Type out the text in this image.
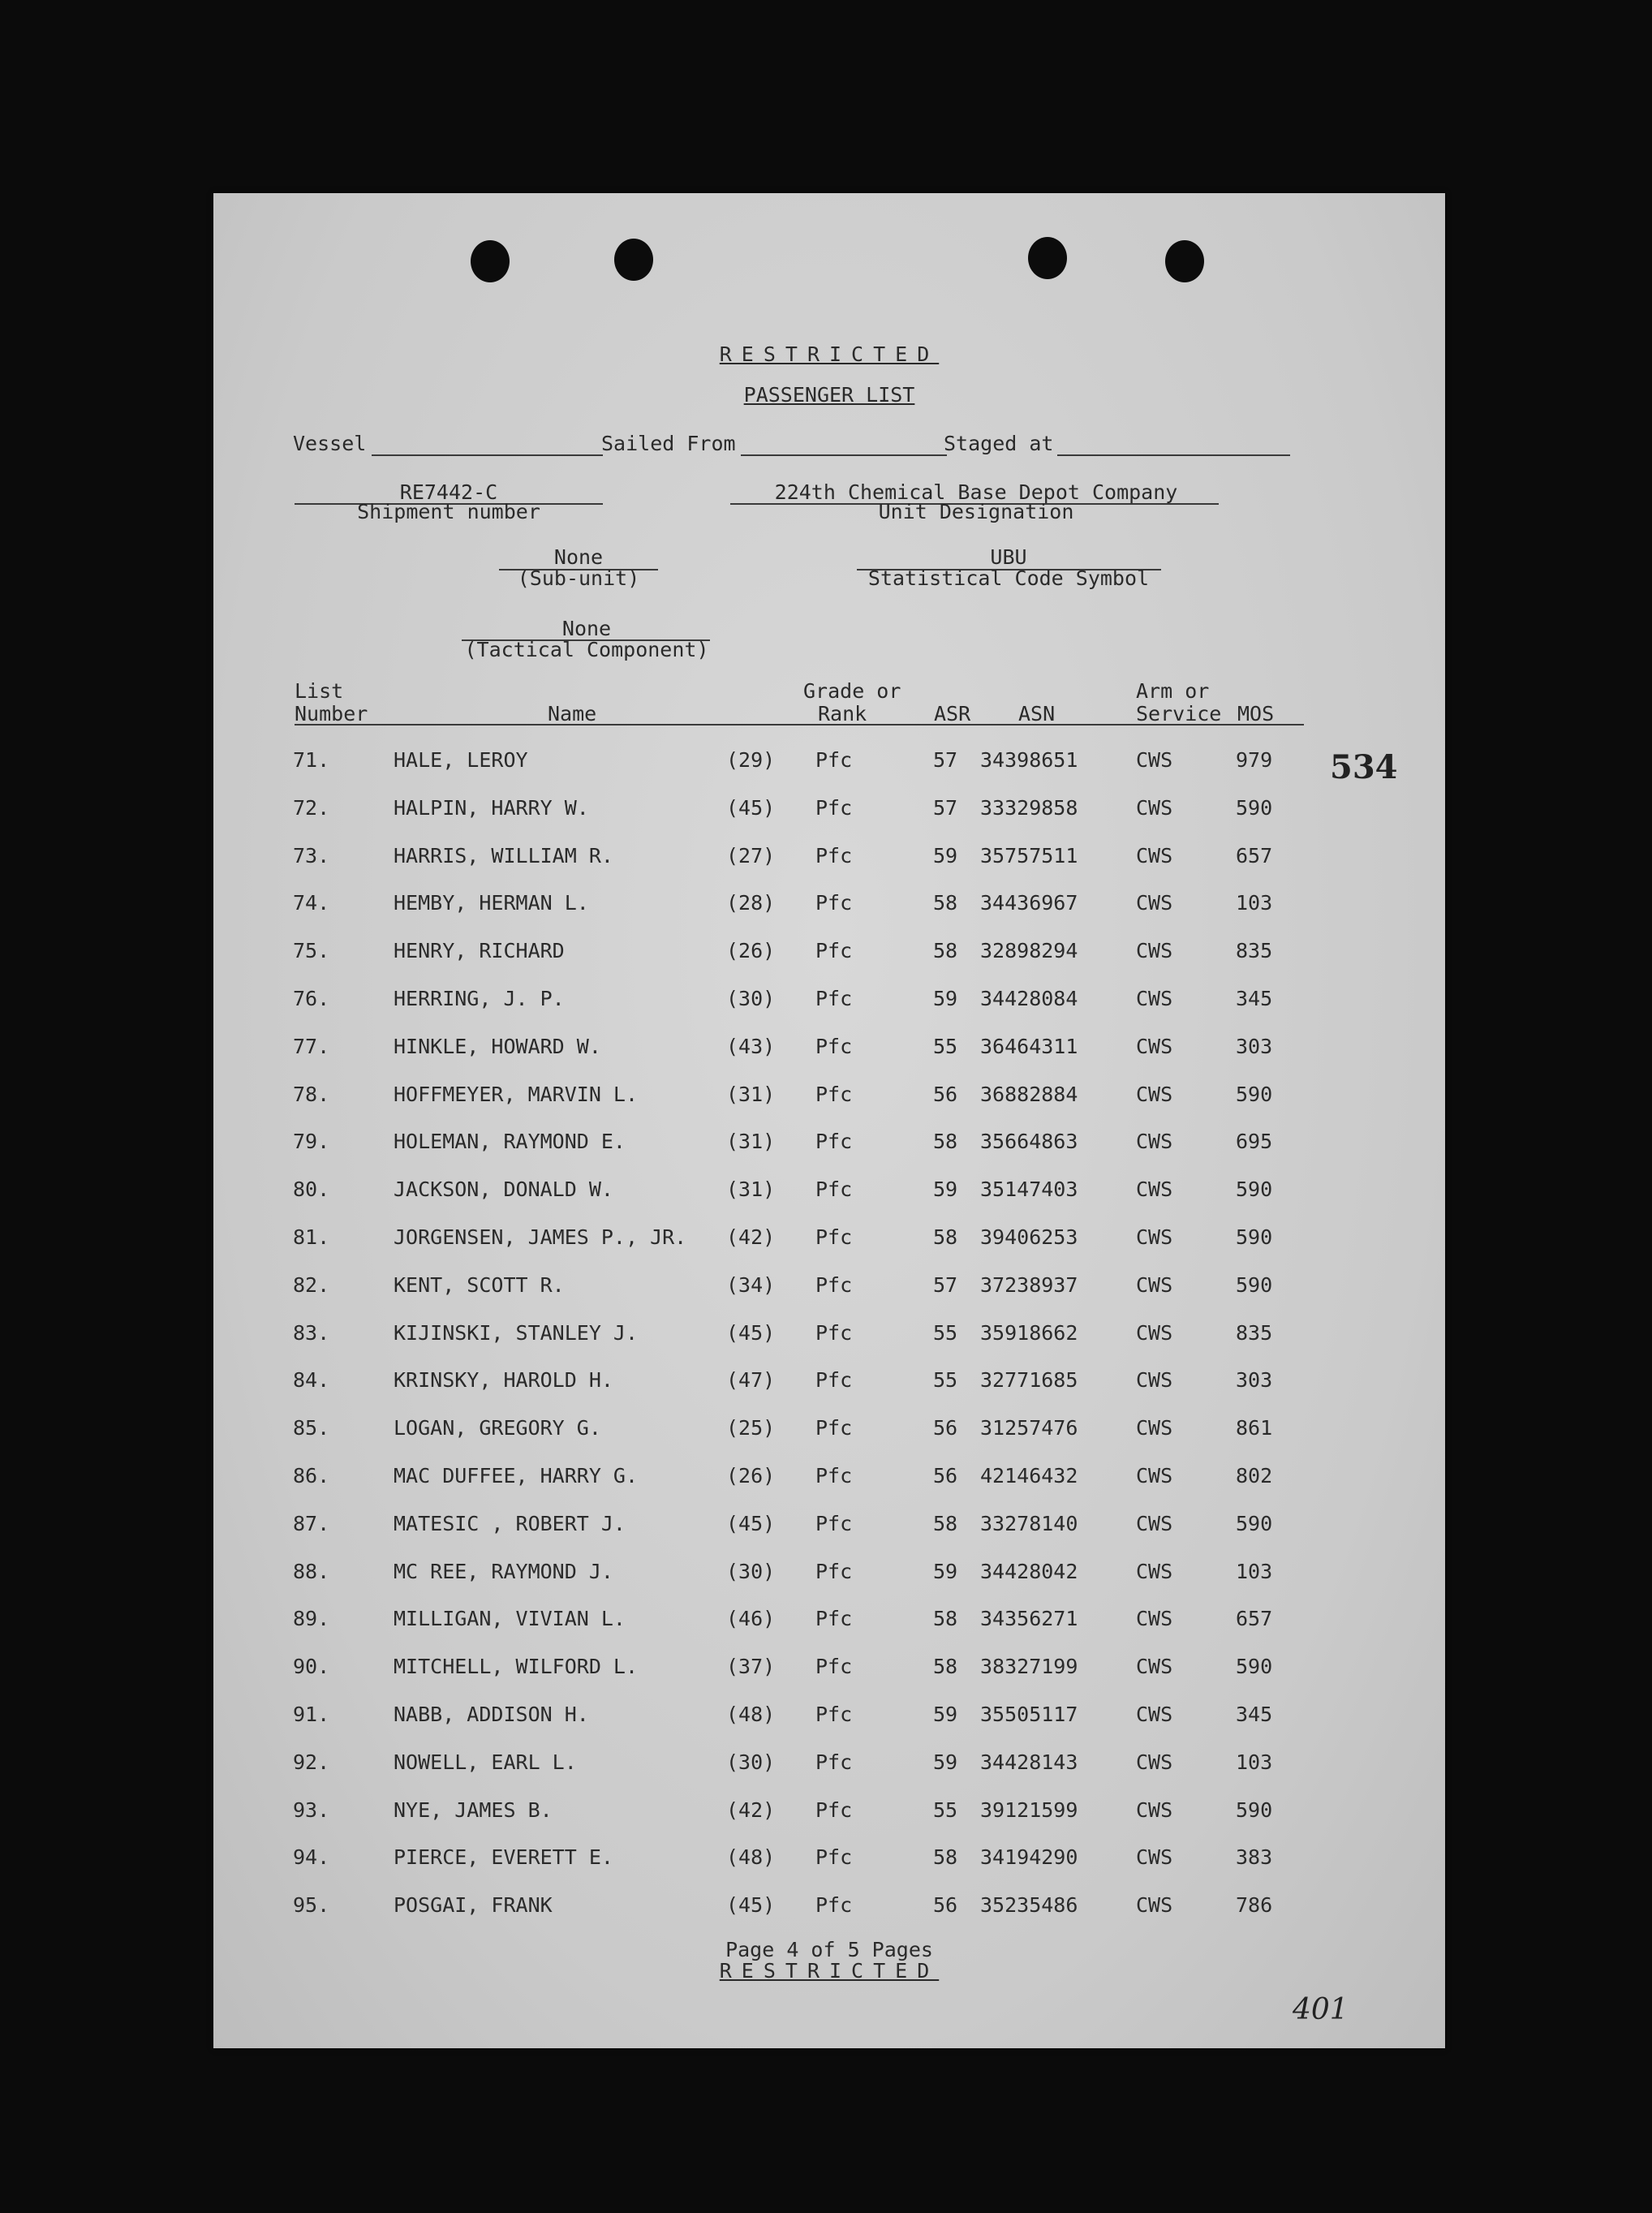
RESTRICTED
PASSENGER LIST
Vessel	Sailed From	Staged at
RE7442-C
Shipment number
224th Chemical Base Depot Company
Unit Designation
None
(Sub-unit)
UBU
Statistical Code Symbol
None
(Tactical Component)
List
Number	Name
Grade or
Rank	ASR ASN
Arm or
Service MOS
71.	HALE, LEROY	(29) Pfc	57 34398651	CWS	979
72.	HALPIN, HARRY W.	(45) Pfc	57 33329858	CWS	590
73.	HARRIS, WILLIAM R.	(27) Pfc	59 35757511	CWS	657
74.	HEMBY, HERMAN L.	(28) Pfc	58 34436967	CWS	103
75.	HENRY, RICHARD	(26) Pfc	58 32898294	CWS	835
76.	HERRING, J. P.	(30) Pfc	59 34428084	CWS	345
77.	HINKLE, HOWARD W.	(43) Pfc	55 36464311	CWS	303
78.	HOFFMEYER, MARVIN L.	(31) Pfc	56 36882884	CWS	590
79.	HOLEMAN, RAYMOND E.	(31) Pfc	58 35664863	CWS	695
80.	JACKSON, DONALD W.	(31) Pfc	59 35147403	CWS	590
81.	JORGENSEN, JAMES P., JR. (42) Pfc	58 39406253	CWS	590
82.	KENT, SCOTT R.	(34) Pfc	57 37238937	CWS	590
83.	KIJINSKI, STANLEY J.	(45) Pfc	55 35918662	CWS	835
84.	KRINSKY, HAROLD H.	(47) Pfc	55 32771685	CWS	303
85.	LOGAN, GREGORY G.	(25) Pfc	56 31257476	CWS	861
86.	MAC DUFFEE, HARRY G.	(26) Pfc	56 42146432	CWS	802
87.	MATESIC , ROBERT J.	(45) Pfc	58 33278140	CWS	590
88.	MC REE, RAYMOND J.	(30) Pfc	59 34428042	CWS	103
89.	MILLIGAN, VIVIAN L.	(46) Pfc	58 34356271	CWS	657
90.	MITCHELL, WILFORD L.	(37) Pfc	58 38327199	CWS	590
91.	NABB, ADDISON H.	(48) Pfc	59 35505117	CWS	345
92.	NOWELL, EARL L.	(30) Pfc	59 34428143	CWS	103
93.	NYE, JAMES B.	(42) Pfc	55 39121599	CWS	590
94.	PIERCE, EVERETT E.	(48) Pfc	58 34194290	CWS	383
95.	POSGAI, FRANK	(45) Pfc	56 35235486	CWS	786
534
Page 4 of 5 Pages
RESTRICTED
401
